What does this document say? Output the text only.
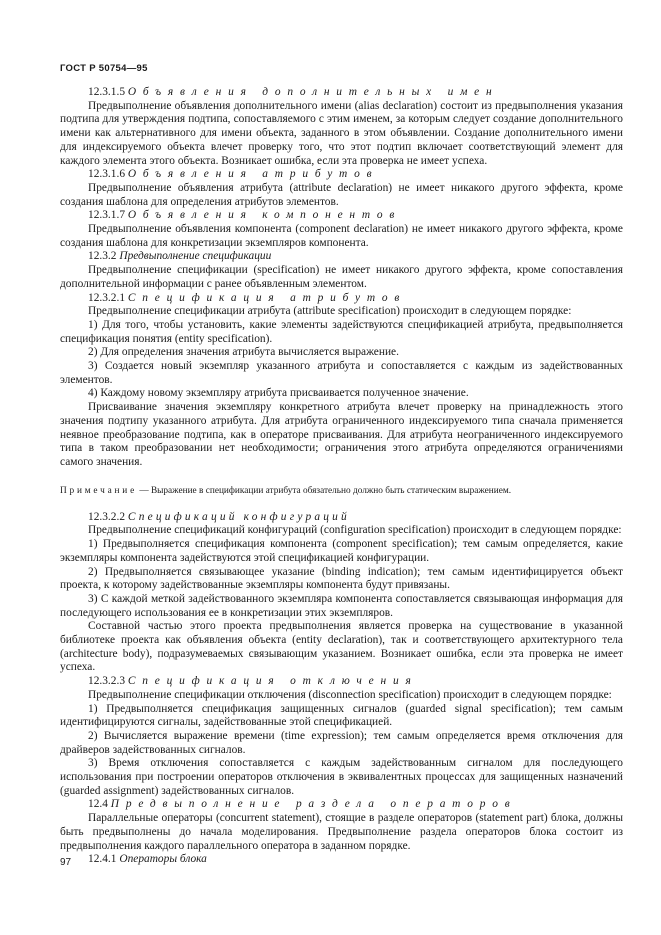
ГОСТ Р 50754—95
12.3.1.5 Объявления дополнительных имен

Предвыполнение объявления дополнительного имени (alias declaration) состоит из предвыполнения указания подтипа для утверждения подтипа, сопоставляемого с этим именем, за которым следует создание дополнительного имени как альтернативного для имени объекта, заданного в этом объявлении. Создание дополнительного имени для индексируемого объекта влечет проверку того, что этот подтип включает соответствующий элемент для каждого элемента этого объекта. Возникает ошибка, если эта проверка не имеет успеха.

12.3.1.6 Объявления атрибутов

Предвыполнение объявления атрибута (attribute declaration) не имеет никакого другого эффекта, кроме создания шаблона для определения атрибутов элементов.

12.3.1.7 Объявления компонентов

Предвыполнение объявления компонента (component declaration) не имеет никакого другого эффекта, кроме создания шаблона для конкретизации экземпляров компонента.

12.3.2 Предвыполнение спецификации

Предвыполнение спецификации (specification) не имеет никакого другого эффекта, кроме сопоставления дополнительной информации с ранее объявленным элементом.

12.3.2.1 Спецификация атрибутов

Предвыполнение спецификации атрибута (attribute specification) происходит в следующем порядке:

1) Для того, чтобы установить, какие элементы задействуются спецификацией атрибута, предвыполняется спецификация понятия (entity specification).

2) Для определения значения атрибута вычисляется выражение.

3) Создается новый экземпляр указанного атрибута и сопоставляется с каждым из задействованных элементов.

4) Каждому новому экземпляру атрибута присваивается полученное значение.

Присваивание значения экземпляру конкретного атрибута влечет проверку на принадлежность этого значения подтипу указанного атрибута. Для атрибута ограниченного индексируемого типа сначала применяется неявное преобразование подтипа, как в операторе присваивания. Для атрибута неограниченного индексируемого типа в таком преобразовании нет необходимости; ограничения этого атрибута определяются ограничениями самого значения.

Примечание — Выражение в спецификации атрибута обязательно должно быть статическим выражением.

12.3.2.2 Спецификаций конфигураций

Предвыполнение спецификаций конфигураций (configuration specification) происходит в следующем порядке:

1) Предвыполняется спецификация компонента (component specification); тем самым определяется, какие экземпляры компонента задействуются этой спецификацией конфигурации.

2) Предвыполняется связывающее указание (binding indication); тем самым идентифицируется объект проекта, к которому задействованные экземпляры компонента будут привязаны.

3) С каждой меткой задействованного экземпляра компонента сопоставляется связывающая информация для последующего использования ее в конкретизации этих экземпляров.

Составной частью этого проекта предвыполнения является проверка на существование в указанной библиотеке проекта как объявления объекта (entity declaration), так и соответствующего архитектурного тела (architecture body), подразумеваемых связывающим указанием. Возникает ошибка, если эта проверка не имеет успеха.

12.3.2.3 Спецификация отключения

Предвыполнение спецификации отключения (disconnection specification) происходит в следующем порядке:

1) Предвыполняется спецификация защищенных сигналов (guarded signal specification); тем самым идентифицируются сигналы, задействованные этой спецификацией.

2) Вычисляется выражение времени (time expression); тем самым определяется время отключения для драйверов задействованных сигналов.

3) Время отключения сопоставляется с каждым задействованным сигналом для последующего использования при построении операторов отключения в эквивалентных процессах для защищенных назначений (guarded assignment) задействованных сигналов.

12.4 Предвыполнение раздела операторов

Параллельные операторы (concurrent statement), стоящие в разделе операторов (statement part) блока, должны быть предвыполнены до начала моделирования. Предвыполнение раздела операторов блока состоит из предвыполнения каждого параллельного оператора в заданном порядке.

12.4.1 Операторы блока
97
